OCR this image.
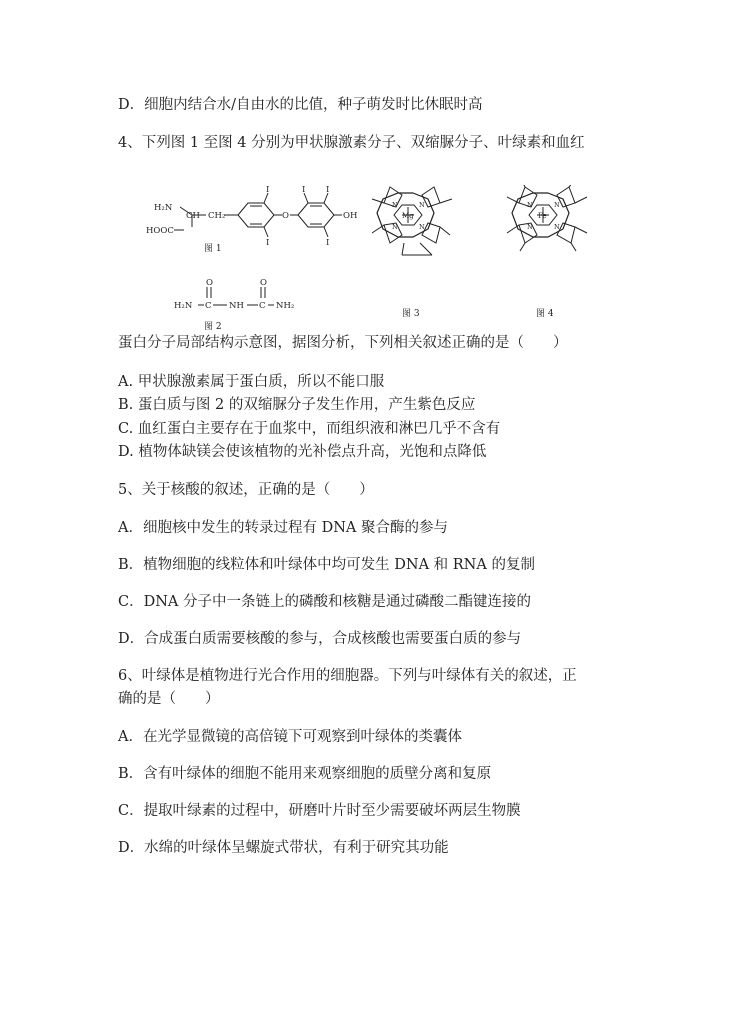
D．细胞内结合水/自由水的比值，种子萌发时比休眠时高
4、下列图 1 至图 4 分别为甲状腺激素分子、双缩脲分子、叶绿素和血红
H₂N
HOOC
CH CH₂	O	OH
I
I
I I
I
图 1
O	O
H₂N C NH C NH₂
图 2
Mg
N	N
N	N
图 3
Fe
N	N
N	N
图 4
蛋白分子局部结构示意图，据图分析，下列相关叙述正确的是（　　）
A. 甲状腺激素属于蛋白质，所以不能口服
B. 蛋白质与图 2 的双缩脲分子发生作用，产生紫色反应
C. 血红蛋白主要存在于血浆中，而组织液和淋巴几乎不含有
D. 植物体缺镁会使该植物的光补偿点升高，光饱和点降低
5、关于核酸的叙述，正确的是（　　）
A．细胞核中发生的转录过程有 DNA 聚合酶的参与
B．植物细胞的线粒体和叶绿体中均可发生 DNA 和 RNA 的复制
C．DNA 分子中一条链上的磷酸和核糖是通过磷酸二酯键连接的
D．合成蛋白质需要核酸的参与，合成核酸也需要蛋白质的参与
6、叶绿体是植物进行光合作用的细胞器。下列与叶绿体有关的叙述，正
确的是（　　）
A．在光学显微镜的高倍镜下可观察到叶绿体的类囊体
B．含有叶绿体的细胞不能用来观察细胞的质壁分离和复原
C．提取叶绿素的过程中，研磨叶片时至少需要破坏两层生物膜
D．水绵的叶绿体呈螺旋式带状，有利于研究其功能
